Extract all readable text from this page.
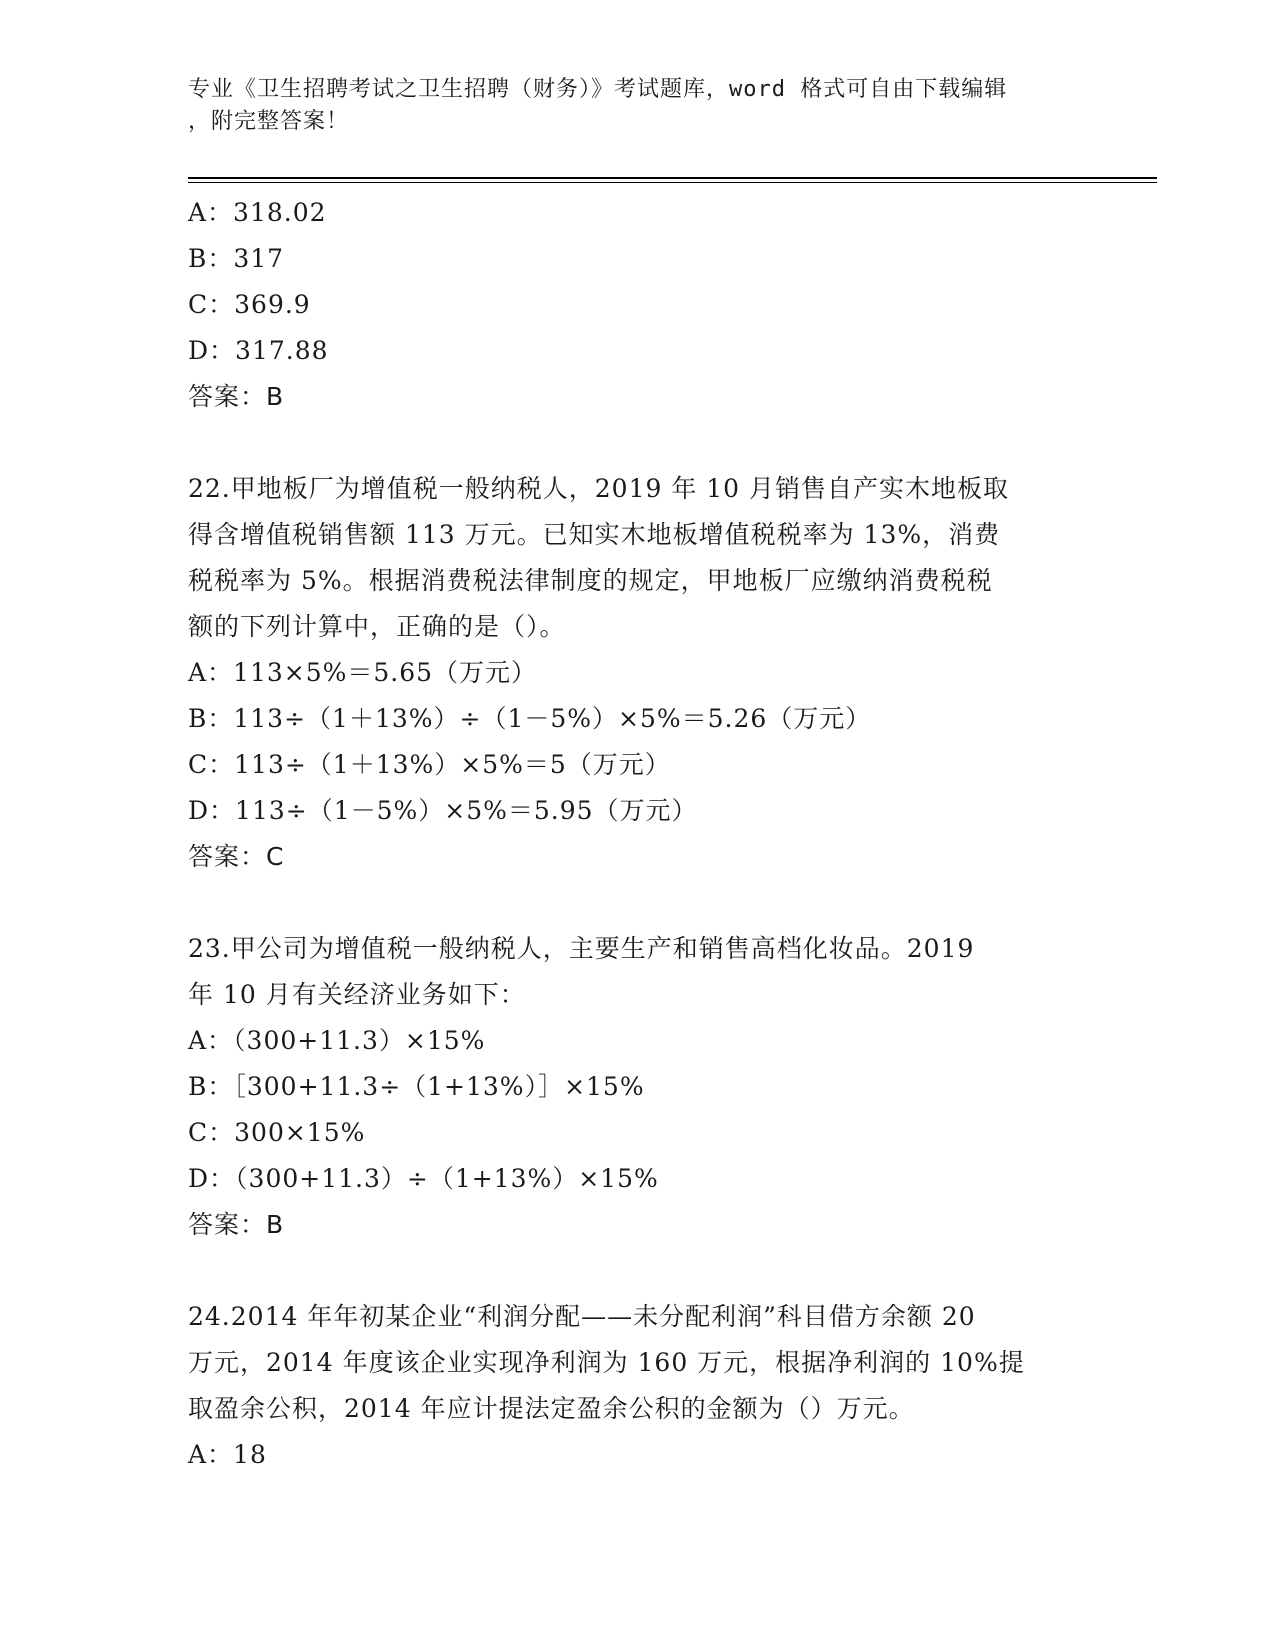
专业《卫生招聘考试之卫生招聘（财务）》考试题库，word 格式可自由下载编辑
，附完整答案！
A：318.02
B：317
C：369.9
D：317.88
答案：B
22.甲地板厂为增值税一般纳税人，2019 年 10 月销售自产实木地板取
得含增值税销售额 113 万元。已知实木地板增值税税率为 13%，消费
税税率为 5%。根据消费税法律制度的规定，甲地板厂应缴纳消费税税
额的下列计算中，正确的是（）。
A：113×5%＝5.65（万元）
B：113÷（1＋13%）÷（1－5%）×5%＝5.26（万元）
C：113÷（1＋13%）×5%＝5（万元）
D：113÷（1－5%）×5%＝5.95（万元）
答案：C
23.甲公司为增值税一般纳税人，主要生产和销售高档化妆品。2019
年 10 月有关经济业务如下：
A：（300+11.3）×15%
B：［300+11.3÷（1+13%）］×15%
C：300×15%
D：（300+11.3）÷（1+13%）×15%
答案：B
24.2014 年年初某企业“利润分配——未分配利润”科目借方余额 20
万元，2014 年度该企业实现净利润为 160 万元，根据净利润的 10%提
取盈余公积，2014 年应计提法定盈余公积的金额为（）万元。
A：18
